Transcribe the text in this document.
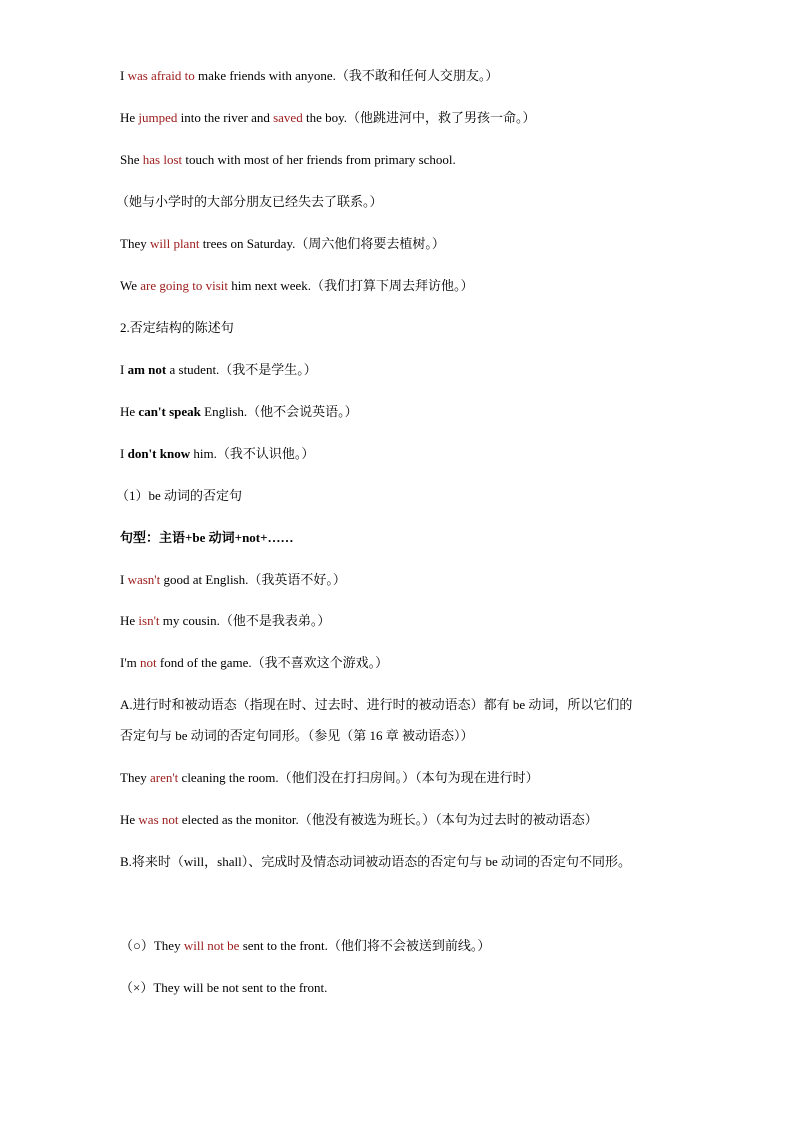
I was afraid to make friends with anyone.（我不敢和任何人交朋友。）
He jumped into the river and saved the boy.（他跳进河中，救了男孩一命。）
She has lost touch with most of her friends from primary school.
（她与小学时的大部分朋友已经失去了联系。）
They will plant trees on Saturday.（周六他们将要去植树。）
We are going to visit him next week.（我们打算下周去拜访他。）
2.否定结构的陈述句
I am not a student.（我不是学生。）
He can't speak English.（他不会说英语。）
I don't know him.（我不认识他。）
（1）be 动词的否定句
句型：主语+be 动词+not+……
I wasn't good at English.（我英语不好。）
He isn't my cousin.（他不是我表弟。）
I'm not fond of the game.（我不喜欢这个游戏。）
A.进行时和被动语态（指现在时、过去时、进行时的被动语态）都有 be 动词，所以它们的
否定句与 be 动词的否定句同形。（参见（第 16 章 被动语态））
They aren't cleaning the room.（他们没在打扫房间。）（本句为现在进行时）
He was not elected as the monitor.（他没有被选为班长。）（本句为过去时的被动语态）
B.将来时（will，shall）、完成时及情态动词被动语态的否定句与 be 动词的否定句不同形。
（○）They will not be sent to the front.（他们将不会被送到前线。）
（×）They will be not sent to the front.
